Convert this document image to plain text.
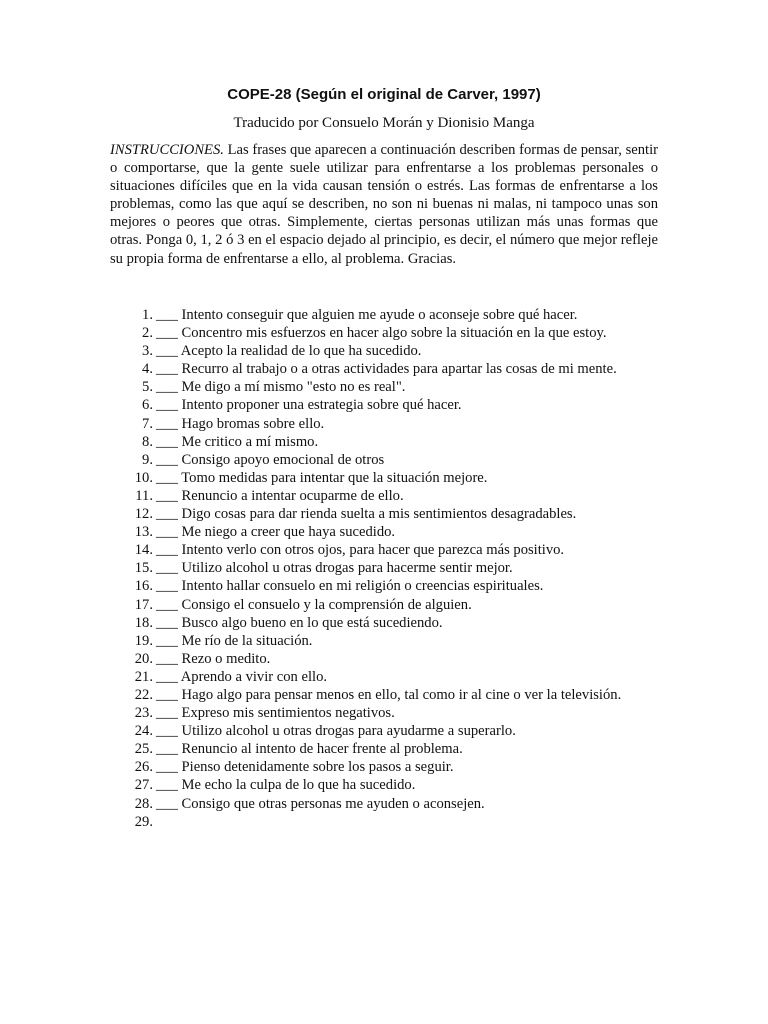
COPE-28 (Según el original de Carver, 1997)
Traducido por Consuelo Morán y Dionisio Manga

INSTRUCCIONES. Las frases que aparecen a continuación describen formas de pensar, sentir o comportarse, que la gente suele utilizar para enfrentarse a los problemas personales o situaciones difíciles que en la vida causan tensión o estrés. Las formas de enfrentarse a los problemas, como las que aquí se describen, no son ni buenas ni malas, ni tampoco unas son mejores o peores que otras. Simplemente, ciertas personas utilizan más unas formas que otras. Ponga 0, 1, 2 ó 3 en el espacio dejado al principio, es decir, el número que mejor refleje su propia forma de enfrentarse a ello, al problema. Gracias.

1. ___ Intento conseguir que alguien me ayude o aconseje sobre qué hacer.
2. ___ Concentro mis esfuerzos en hacer algo sobre la situación en la que estoy.
3. ___ Acepto la realidad de lo que ha sucedido.
4. ___ Recurro al trabajo o a otras actividades para apartar las cosas de mi mente.
5. ___ Me digo a mí mismo "esto no es real".
6. ___ Intento proponer una estrategia sobre qué hacer.
7. ___ Hago bromas sobre ello.
8. ___ Me critico a mí mismo.
9. ___ Consigo apoyo emocional de otros
10. ___ Tomo medidas para intentar que la situación mejore.
11. ___ Renuncio a intentar ocuparme de ello.
12. ___ Digo cosas para dar rienda suelta a mis sentimientos desagradables.
13. ___ Me niego a creer que haya sucedido.
14. ___ Intento verlo con otros ojos, para hacer que parezca más positivo.
15. ___ Utilizo alcohol u otras drogas para hacerme sentir mejor.
16. ___ Intento hallar consuelo en mi religión o creencias espirituales.
17. ___ Consigo el consuelo y la comprensión de alguien.
18. ___ Busco algo bueno en lo que está sucediendo.
19. ___ Me río de la situación.
20. ___ Rezo o medito.
21. ___ Aprendo a vivir con ello.
22. ___ Hago algo para pensar menos en ello, tal como ir al cine o ver la televisión.
23. ___ Expreso mis sentimientos negativos.
24. ___ Utilizo alcohol u otras drogas para ayudarme a superarlo.
25. ___ Renuncio al intento de hacer frente al problema.
26. ___ Pienso detenidamente sobre los pasos a seguir.
27. ___ Me echo la culpa de lo que ha sucedido.
28. ___ Consigo que otras personas me ayuden o aconsejen.
29.
